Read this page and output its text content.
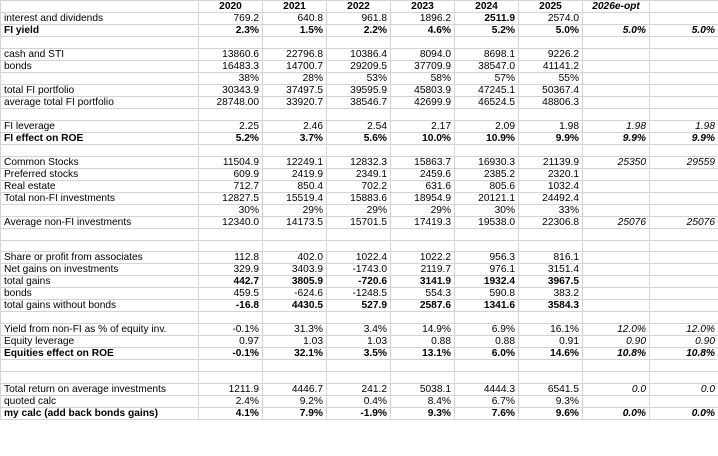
	2020	2021	2022	2023	2024	2025	2026e-opt	
interest and dividends	769.2	640.8	961.8	1896.2	2511.9	2574.0		
FI yield	2.3%	1.5%	2.2%	4.6%	5.2%	5.0%	5.0%	5.0%

cash and STI	13860.6	22796.8	10386.4	8094.0	8698.1	9226.2		
bonds	16483.3	14700.7	29209.5	37709.9	38547.0	41141.2		
	38%	28%	53%	58%	57%	55%		
total FI portfolio	30343.9	37497.5	39595.9	45803.9	47245.1	50367.4		
average total FI portfolio	28748.00	33920.7	38546.7	42699.9	46524.5	48806.3		

FI leverage	2.25	2.46	2.54	2.17	2.09	1.98	1.98	1.98
FI effect on ROE	5.2%	3.7%	5.6%	10.0%	10.9%	9.9%	9.9%	9.9%

Common Stocks	11504.9	12249.1	12832.3	15863.7	16930.3	21139.9	25350	29559
Preferred stocks	609.9	2419.9	2349.1	2459.6	2385.2	2320.1		
Real estate	712.7	850.4	702.2	631.6	805.6	1032.4		
Total non-FI investments	12827.5	15519.4	15883.6	18954.9	20121.1	24492.4		
	30%	29%	29%	29%	30%	33%		
Average non-FI investments	12340.0	14173.5	15701.5	17419.3	19538.0	22306.8	25076	25076

Share or profit from associates	112.8	402.0	1022.4	1022.2	956.3	816.1		
Net gains on investments	329.9	3403.9	-1743.0	2119.7	976.1	3151.4		
total gains	442.7	3805.9	-720.6	3141.9	1932.4	3967.5		
bonds	459.5	-624.6	-1248.5	554.3	590.8	383.2		
total gains without bonds	-16.8	4430.5	527.9	2587.6	1341.6	3584.3		

Yield from non-FI as % of equity inv.	-0.1%	31.3%	3.4%	14.9%	6.9%	16.1%	12.0%	12.0%
Equity leverage	0.97	1.03	1.03	0.88	0.88	0.91	0.90	0.90
Equities effect on ROE	-0.1%	32.1%	3.5%	13.1%	6.0%	14.6%	10.8%	10.8%

Total return on average investments	1211.9	4446.7	241.2	5038.1	4444.3	6541.5	0.0	0.0
quoted calc	2.4%	9.2%	0.4%	8.4%	6.7%	9.3%		
my calc (add back bonds gains)	4.1%	7.9%	-1.9%	9.3%	7.6%	9.6%	0.0%	0.0%
